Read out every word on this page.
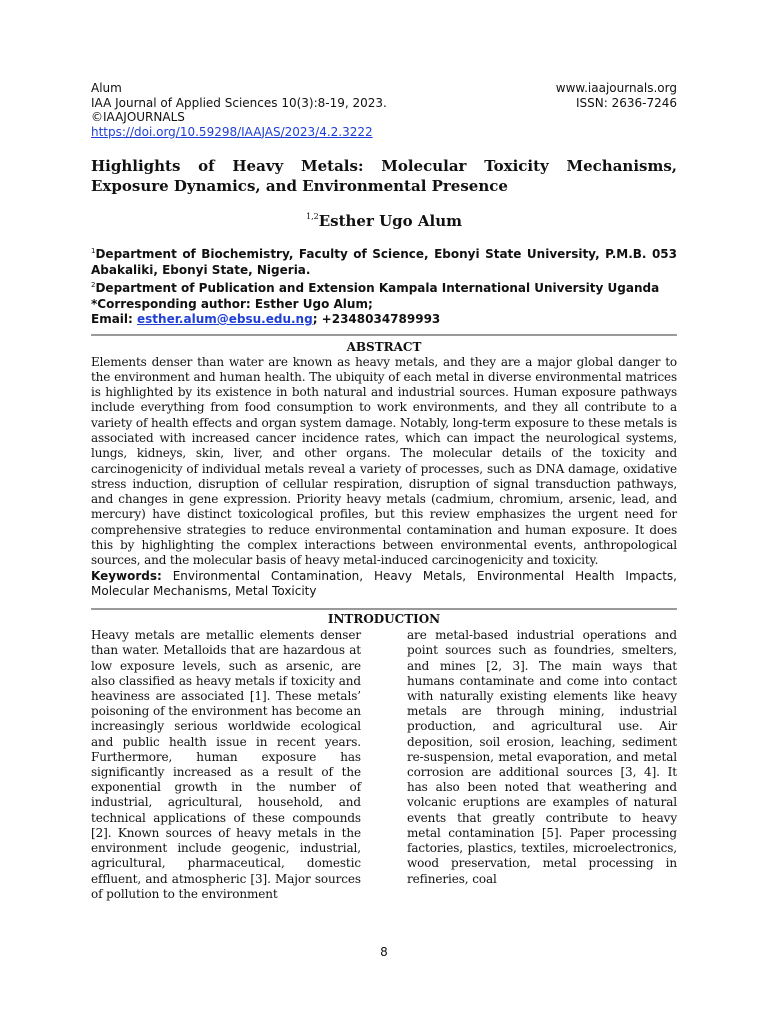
Alum	www.iaajournals.org
IAA Journal of Applied Sciences 10(3):8-19, 2023.	ISSN: 2636-7246
©IAAJOURNALS
https://doi.org/10.59298/IAAJAS/2023/4.2.3222
Highlights of Heavy Metals: Molecular Toxicity Mechanisms, Exposure Dynamics, and Environmental Presence
$^{1,2}$Esther Ugo Alum

$^1$Department of Biochemistry, Faculty of Science, Ebonyi State University, P.M.B. 053 Abakaliki, Ebonyi State, Nigeria.

$^2$Department of Publication and Extension Kampala International University Uganda

*Corresponding author: Esther Ugo Alum;

Email: esther.alum@ebsu.edu.ng; +2348034789993

ABSTRACT

Elements denser than water are known as heavy metals, and they are a major global danger to the environment and human health. The ubiquity of each metal in diverse environmental matrices is highlighted by its existence in both natural and industrial sources. Human exposure pathways include everything from food consumption to work environments, and they all contribute to a variety of health effects and organ system damage. Notably, long-term exposure to these metals is associated with increased cancer incidence rates, which can impact the neurological systems, lungs, kidneys, skin, liver, and other organs. The molecular details of the toxicity and carcinogenicity of individual metals reveal a variety of processes, such as DNA damage, oxidative stress induction, disruption of cellular respiration, disruption of signal transduction pathways, and changes in gene expression. Priority heavy metals (cadmium, chromium, arsenic, lead, and mercury) have distinct toxicological profiles, but this review emphasizes the urgent need for comprehensive strategies to reduce environmental contamination and human exposure. It does this by highlighting the complex interactions between environmental events, anthropological sources, and the molecular basis of heavy metal-induced carcinogenicity and toxicity.

Keywords: Environmental Contamination, Heavy Metals, Environmental Health Impacts, Molecular Mechanisms, Metal Toxicity

INTRODUCTION

Heavy metals are metallic elements denser than water. Metalloids that are hazardous at low exposure levels, such as arsenic, are also classified as heavy metals if toxicity and heaviness are associated [1]. These metals’ poisoning of the environment has become an increasingly serious worldwide ecological and public health issue in recent years. Furthermore, human exposure has significantly increased as a result of the exponential growth in the number of industrial, agricultural, household, and technical applications of these compounds [2]. Known sources of heavy metals in the environment include geogenic, industrial, agricultural, pharmaceutical, domestic effluent, and atmospheric [3]. Major sources of pollution to the environment

are metal-based industrial operations and point sources such as foundries, smelters, and mines [2, 3]. The main ways that humans contaminate and come into contact with naturally existing elements like heavy metals are through mining, industrial production, and agricultural use. Air deposition, soil erosion, leaching, sediment re-suspension, metal evaporation, and metal corrosion are additional sources [3, 4]. It has also been noted that weathering and volcanic eruptions are examples of natural events that greatly contribute to heavy metal contamination [5]. Paper processing factories, plastics, textiles, microelectronics, wood preservation, metal processing in refineries, coal

8
